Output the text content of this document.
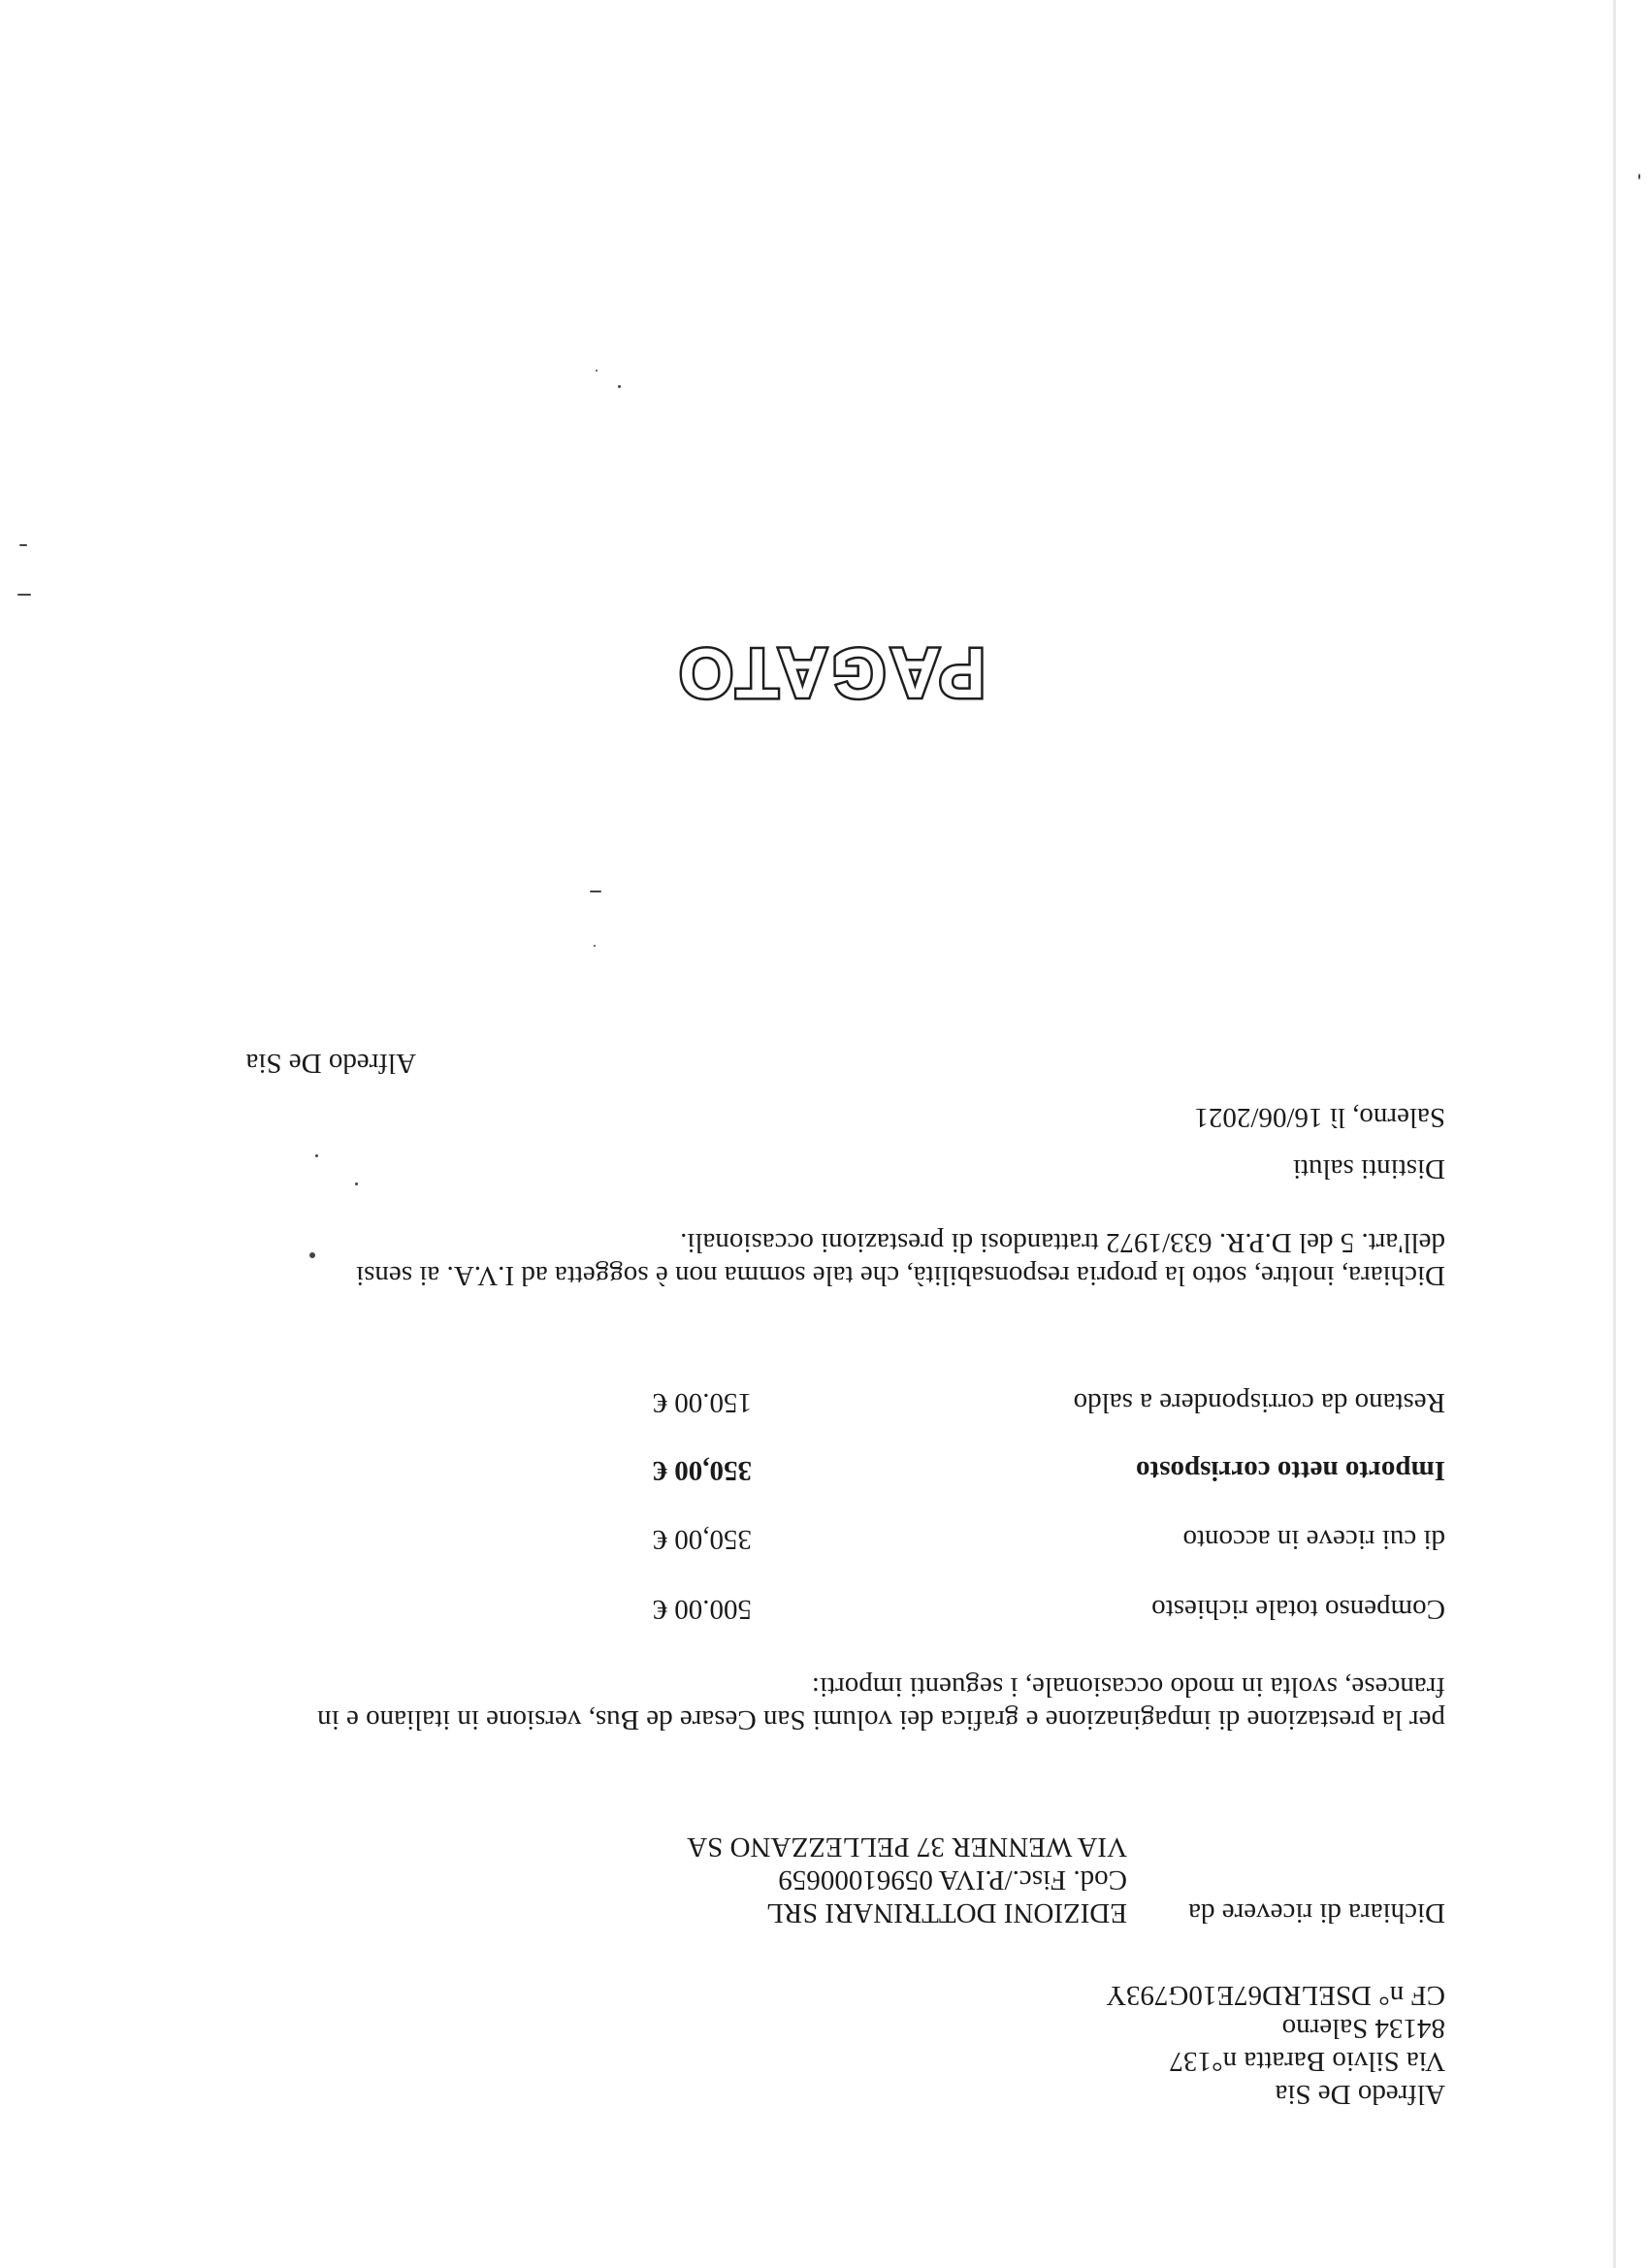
Alfredo De Sia
Via Silvio Baratta n°137
84134 Salerno
CF n° DSELRD67E10G793Y
Dichiara di ricevere da
EDIZIONI DOTTRINARI SRL
Cod. Fisc./P.IVA 05961000659
VIA WENNER 37 PELLEZZANO SA
per la prestazione di impaginazione e grafica dei volumi San Cesare de Bus, versione in italiano e in
francese, svolta in modo occasionale, i seguenti importi:
Compenso totale richiesto
500.00 €
di cui riceve in acconto
350,00 €
Importo netto corrisposto
350,00 €
Restano da corrispondere a saldo
150.00 €
Dichiara, inoltre, sotto la propria responsabilità, che tale somma non è soggetta ad I.V.A. ai sensi
dell'art. 5 del D.P.R. 633/1972 trattandosi di prestazioni occasionali.
Distinti saluti
Salerno, lì 16/06/2021
Alfredo De Sia
PAGATO
